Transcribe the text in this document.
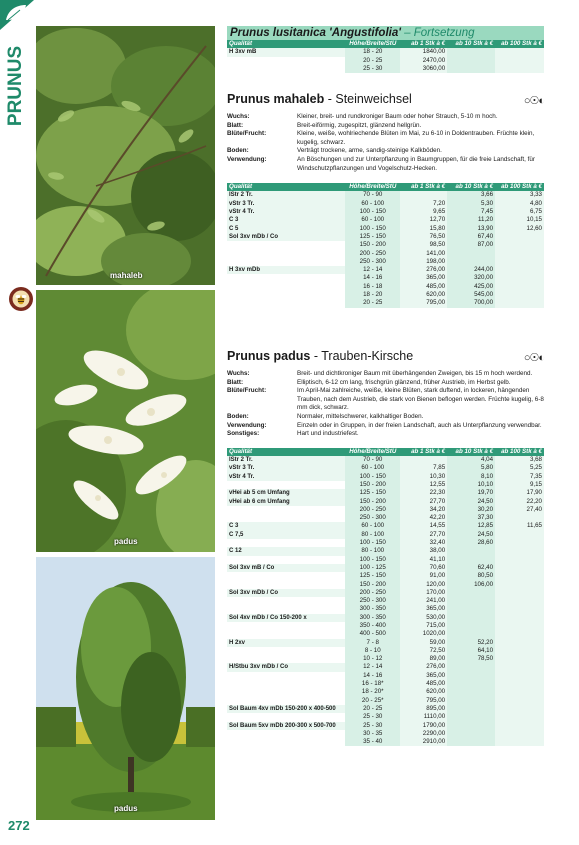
PRUNUS
272
mahaleb
padus
padus
Prunus lusitanica 'Angustifolia' – Fortsetzung
Qualität	Höhe/Breite/StU	ab 1 Stk à €	ab 10 Stk à €	ab 100 Stk à €
H 3xv mB	18 - 20	1840,00		
	20 - 25	2470,00		
	25 - 30	3060,00		
Prunus mahaleb - Steinweichsel	○☉◐
Wuchs:	Kleiner, breit- und rundkroniger Baum oder hoher Strauch, 5-10 m hoch.
Blatt:	Breit-eiförmig, zugespitzt, glänzend hellgrün.
Blüte/Frucht:	Kleine, weiße, wohlriechende Blüten im Mai, zu 6-10 in Doldentrauben. Früchte klein, kugelig, schwarz.
Boden:	Verträgt trockene, arme, sandig-steinige Kalkböden.
Verwendung:	An Böschungen und zur Unterpflanzung in Baumgruppen, für die freie Landschaft, für Windschutzpflanzungen und Vogelschutz-Hecken.
Qualität	Höhe/Breite/StU	ab 1 Stk à €	ab 10 Stk à €	ab 100 Stk à €
lStr 2 Tr.	70 - 90		3,66	3,33
vStr 3 Tr.	60 - 100	7,20	5,30	4,80
vStr 4 Tr.	100 - 150	9,65	7,45	6,75
C 3	60 - 100	12,70	11,20	10,15
C 5	100 - 150	15,80	13,90	12,60
Sol 3xv mDb / Co	125 - 150	76,50	67,40	
	150 - 200	98,50	87,00	
	200 - 250	141,00		
	250 - 300	198,00		
H 3xv mDb	12 - 14	276,00	244,00	
	14 - 16	365,00	320,00	
	16 - 18	485,00	425,00	
	18 - 20	620,00	545,00	
	20 - 25	795,00	700,00	
Prunus padus - Trauben-Kirsche	○☉◐
Wuchs:	Breit- und dichtkroniger Baum mit überhängenden Zweigen, bis 15 m hoch werdend.
Blatt:	Elliptisch, 6-12 cm lang, frischgrün glänzend, früher Austrieb, im Herbst gelb.
Blüte/Frucht:	Im April-Mai zahlreiche, weiße, kleine Blüten, stark duftend, in lockeren, hängenden Trauben, nach dem Austrieb, die stark von Bienen beflogen werden. Früchte kugelig, 6-8 mm dick, schwarz.
Boden:	Normaler, mittelschwerer, kalkhaltiger Boden.
Verwendung:	Einzeln oder in Gruppen, in der freien Landschaft, auch als Unterpflanzung verwendbar.
Sonstiges:	Hart und industriefest.
Qualität	Höhe/Breite/StU	ab 1 Stk à €	ab 10 Stk à €	ab 100 Stk à €
lStr 2 Tr.	70 - 90		4,04	3,68
vStr 3 Tr.	60 - 100	7,85	5,80	5,25
vStr 4 Tr.	100 - 150	10,30	8,10	7,35
	150 - 200	12,55	10,10	9,15
vHei ab 5 cm Umfang	125 - 150	22,30	19,70	17,90
vHei ab 6 cm Umfang	150 - 200	27,70	24,50	22,20
	200 - 250	34,20	30,20	27,40
	250 - 300	42,20	37,30	
C 3	60 - 100	14,55	12,85	11,65
C 7,5	80 - 100	27,70	24,50	
	100 - 150	32,40	28,60	
C 12	80 - 100	38,00		
	100 - 150	41,10		
Sol 3xv mB / Co	100 - 125	70,60	62,40	
	125 - 150	91,00	80,50	
	150 - 200	120,00	106,00	
Sol 3xv mDb / Co	200 - 250	170,00		
	250 - 300	241,00		
	300 - 350	365,00		
Sol 4xv mDb / Co 150-200 x	300 - 350	530,00		
	350 - 400	715,00		
	400 - 500	1020,00		
H 2xv	7 - 8	59,00	52,20	
	8 - 10	72,50	64,10	
	10 - 12	89,00	78,50	
H/Stbu 3xv mDb / Co	12 - 14	276,00		
	14 - 16	365,00		
	16 - 18*	485,00		
	18 - 20*	620,00		
	20 - 25*	795,00		
Sol Baum 4xv mDb 150-200 x 400-500	20 - 25	895,00		
	25 - 30	1110,00		
Sol Baum 5xv mDb 200-300 x 500-700	25 - 30	1790,00		
	30 - 35	2290,00		
	35 - 40	2910,00		
